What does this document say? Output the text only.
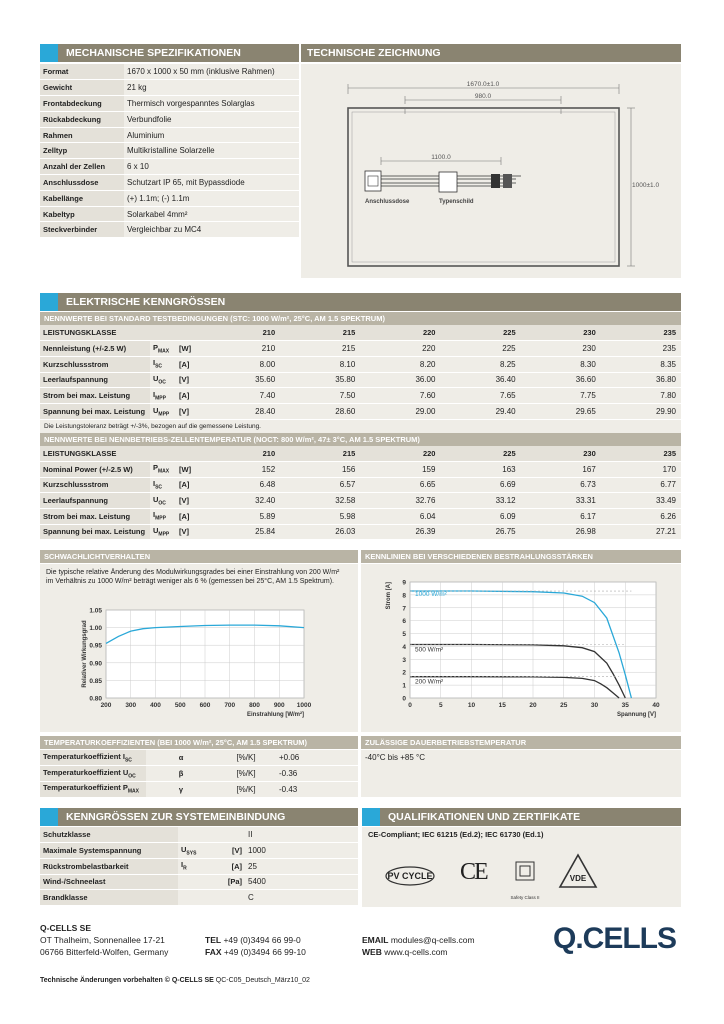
MECHANISCHE SPEZIFIKATIONEN
Format	1670 x 1000 x 50 mm (inklusive Rahmen)
Gewicht	21 kg
Frontabdeckung	Thermisch vorgespanntes Solarglas
Rückabdeckung	Verbundfolie
Rahmen	Aluminium
Zelltyp	Multikristalline Solarzelle
Anzahl der Zellen	6 x 10
Anschlussdose	Schutzart IP 65, mit Bypassdiode
Kabellänge	(+) 1.1m; (-) 1.1m
Kabeltyp	Solarkabel 4mm²
Steckverbinder	Vergleichbar zu MC4
TECHNISCHE ZEICHNUNG
1670.0±1.0
980.0
1000±1.0
1100.0
Anschlussdose	Typenschild
ELEKTRISCHE KENNGRÖSSEN
NENNWERTE BEI STANDARD TESTBEDINGUNGEN (STC: 1000 W/m², 25°C, AM 1.5 SPEKTRUM)
LEISTUNGSKLASSE			210	215	220	225	230	235
Nennleistung (+/-2.5 W)	$P_{MAX}$	[W]	210	215	220	225	230	235
Kurzschlussstrom	$I_{SC}$	[A]	8.00	8.10	8.20	8.25	8.30	8.35
Leerlaufspannung	$U_{OC}$	[V]	35.60	35.80	36.00	36.40	36.60	36.80
Strom bei max. Leistung	$I_{MPP}$	[A]	7.40	7.50	7.60	7.65	7.75	7.80
Spannung bei max. Leistung	$U_{MPP}$	[V]	28.40	28.60	29.00	29.40	29.65	29.90
Die Leistungstoleranz beträgt +/-3%, bezogen auf die gemessene Leistung.
NENNWERTE BEI NENNBETRIEBS-ZELLENTEMPERATUR (NOCT: 800 W/m², 47± 3°C, AM 1.5 SPEKTRUM)
LEISTUNGSKLASSE			210	215	220	225	230	235
Nominal Power (+/-2.5 W)	$P_{MAX}$	[W]	152	156	159	163	167	170
Kurzschlussstrom	$I_{SC}$	[A]	6.48	6.57	6.65	6.69	6.73	6.77
Leerlaufspannung	$U_{OC}$	[V]	32.40	32.58	32.76	33.12	33.31	33.49
Strom bei max. Leistung	$I_{MPP}$	[A]	5.89	5.98	6.04	6.09	6.17	6.26
Spannung bei max. Leistung	$U_{MPP}$	[V]	25.84	26.03	26.39	26.75	26.98	27.21
SCHWACHLICHTVERHALTEN
Die typische relative Änderung des Modulwirkungsgrades bei einer Einstrahlung von 200 W/m² im Verhältnis zu 1000 W/m² beträgt weniger als 6 % (gemessen bei 25°C, AM 1.5 Spektrum).
200 300 400 500 600 700 800 900 1000
1.05
1.00
0.95
0.90
0.85
0.80
Einstrahlung [W/m²]
Relativer Wirkungsgrad
KENNLINIEN BEI VERSCHIEDENEN BESTRAHLUNGSSTÄRKEN
0	5	10	15	20	25	30	35	40
9
8
7
6
5
4
3
2
1
0
Spannung [V]
Strom [A]	1000 W/m²
500 W/m²
200 W/m²
TEMPERATURKOEFFIZIENTEN (BEI 1000 W/m², 25°C, AM 1.5 SPEKTRUM)
Temperaturkoeffizient $I_{SC}$	α	[%/K]	+0.06
Temperaturkoeffizient $U_{OC}$	β	[%/K]	-0.36
Temperaturkoeffizient $P_{MAX}$	γ	[%/K]	-0.43
ZULÄSSIGE DAUERBETRIEBSTEMPERATUR
-40°C bis +85 °C
KENNGRÖSSEN ZUR SYSTEMEINBINDUNG
Schutzklasse			II
Maximale Systemspannung	$U_{SYS}$	[V]	1000
Rückstrombelastbarkeit	$I_R$	[A]	25
Wind-/Schneelast		[Pa]	5400
Brandklasse			C
QUALIFIKATIONEN UND ZERTIFIKATE
CE-Compliant; IEC 61215 (Ed.2); IEC 61730 (Ed.1)
PV CYCLE CE
Safety Class II
VDE
Q-CELLS SE
OT Thalheim, Sonnenallee 17-21
06766 Bitterfeld-Wolfen, Germany
TEL +49 (0)3494 66 99-0
FAX +49 (0)3494 66 99-10
EMAIL modules@q-cells.com
WEB www.q-cells.com	Q.CELLS
Technische Änderungen vorbehalten © Q-CELLS SE QC-C05_Deutsch_März10_02
